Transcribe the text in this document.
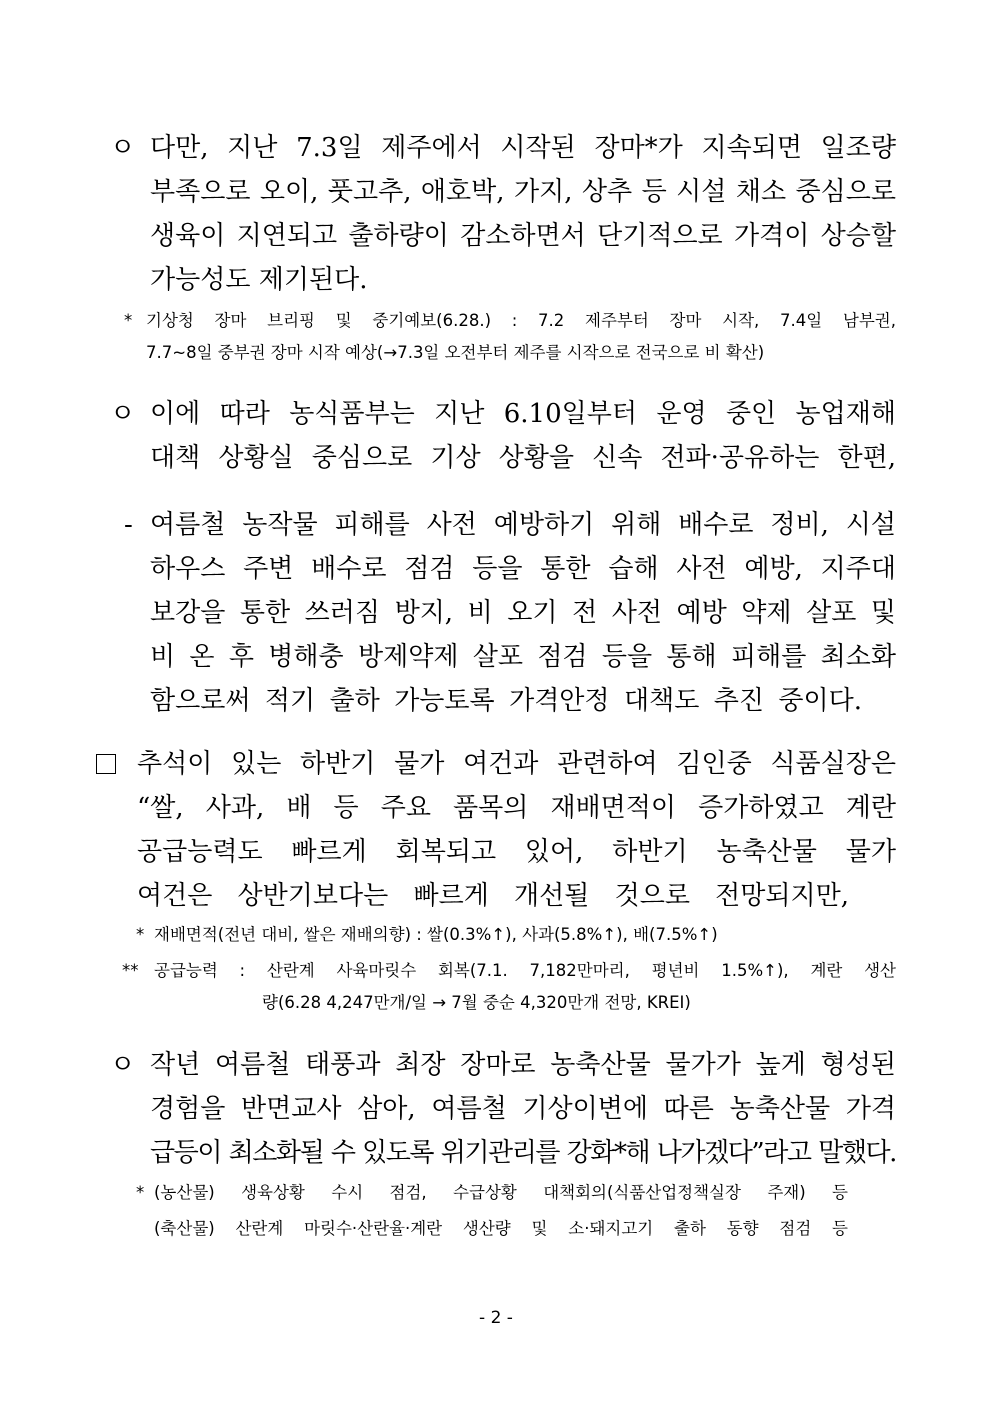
ㅇ 다만, 지난 7.3일 제주에서 시작된 장마*가 지속되면 일조량
부족으로 오이, 풋고추, 애호박, 가지, 상추 등 시설 채소 중심으로
생육이 지연되고 출하량이 감소하면서 단기적으로 가격이 상승할
가능성도 제기된다.
* 기상청 장마 브리핑 및 중기예보(6.28.) : 7.2 제주부터 장마 시작, 7.4일 남부권,
7.7~8일 중부권 장마 시작 예상(→7.3일 오전부터 제주를 시작으로 전국으로 비 확산)
ㅇ 이에 따라 농식품부는 지난 6.10일부터 운영 중인 농업재해
대책 상황실 중심으로 기상 상황을 신속 전파·공유하는 한편,
- 여름철 농작물 피해를 사전 예방하기 위해 배수로 정비, 시설
하우스 주변 배수로 점검 등을 통한 습해 사전 예방, 지주대
보강을 통한 쓰러짐 방지, 비 오기 전 사전 예방 약제 살포 및
비 온 후 병해충 방제약제 살포 점검 등을 통해 피해를 최소화
함으로써 적기 출하 가능토록 가격안정 대책도 추진 중이다.
추석이 있는 하반기 물가 여건과 관련하여 김인중 식품실장은
“쌀, 사과, 배 등 주요 품목의 재배면적이 증가하였고 계란
공급능력도 빠르게 회복되고 있어, 하반기 농축산물 물가
여건은 상반기보다는 빠르게 개선될 것으로 전망되지만,
* 재배면적(전년 대비, 쌀은 재배의향) : 쌀(0.3%↑), 사과(5.8%↑), 배(7.5%↑)
** 공급능력 : 산란계 사육마릿수 회복(7.1. 7,182만마리, 평년비 1.5%↑), 계란 생산
량(6.28 4,247만개/일 → 7월 중순 4,320만개 전망, KREI)
ㅇ 작년 여름철 태풍과 최장 장마로 농축산물 물가가 높게 형성된
경험을 반면교사 삼아, 여름철 기상이변에 따른 농축산물 가격
급등이 최소화될 수 있도록 위기관리를 강화*해 나가겠다”라고 말했다.
* (농산물) 생육상황 수시 점검, 수급상황 대책회의(식품산업정책실장 주재) 등
(축산물) 산란계 마릿수·산란율·계란 생산량 및 소·돼지고기 출하 동향 점검 등
- 2 -
